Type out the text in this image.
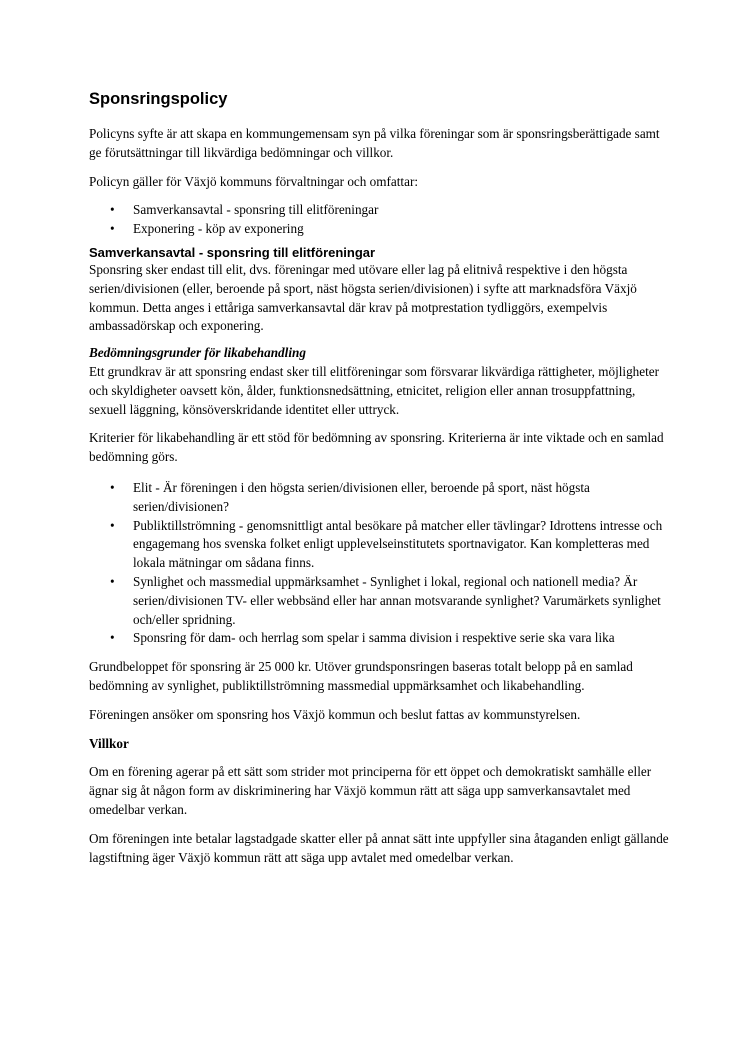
Sponsringspolicy

Policyns syfte är att skapa en kommungemensam syn på vilka föreningar som är sponsringsberättigade samt ge förutsättningar till likvärdiga bedömningar och villkor.

Policyn gäller för Växjö kommuns förvaltningar och omfattar:

• Samverkansavtal - sponsring till elitföreningar
• Exponering - köp av exponering
Samverkansavtal - sponsring till elitföreningar

Sponsring sker endast till elit, dvs. föreningar med utövare eller lag på elitnivå respektive i den högsta serien/divisionen (eller, beroende på sport, näst högsta serien/divisionen) i syfte att marknadsföra Växjö kommun. Detta anges i ettåriga samverkansavtal där krav på motprestation tydliggörs, exempelvis ambassadörskap och exponering.

Bedömningsgrunder för likabehandling

Ett grundkrav är att sponsring endast sker till elitföreningar som försvarar likvärdiga rättigheter, möjligheter och skyldigheter oavsett kön, ålder, funktionsnedsättning, etnicitet, religion eller annan trosuppfattning, sexuell läggning, könsöverskridande identitet eller uttryck.

Kriterier för likabehandling är ett stöd för bedömning av sponsring. Kriterierna är inte viktade och en samlad bedömning görs.

• Elit - Är föreningen i den högsta serien/divisionen eller, beroende på sport, näst högsta serien/divisionen?
• Publiktillströmning - genomsnittligt antal besökare på matcher eller tävlingar? Idrottens intresse och engagemang hos svenska folket enligt upplevelseinstitutets sportnavigator. Kan kompletteras med lokala mätningar om sådana finns.
• Synlighet och massmedial uppmärksamhet - Synlighet i lokal, regional och nationell media? Är serien/divisionen TV- eller webbsänd eller har annan motsvarande synlighet? Varumärkets synlighet och/eller spridning.
• Sponsring för dam- och herrlag som spelar i samma division i respektive serie ska vara lika

Grundbeloppet för sponsring är 25 000 kr. Utöver grundsponsringen baseras totalt belopp på en samlad bedömning av synlighet, publiktillströmning massmedial uppmärksamhet och likabehandling.

Föreningen ansöker om sponsring hos Växjö kommun och beslut fattas av kommunstyrelsen.

Villkor

Om en förening agerar på ett sätt som strider mot principerna för ett öppet och demokratiskt samhälle eller ägnar sig åt någon form av diskriminering har Växjö kommun rätt att säga upp samverkansavtalet med omedelbar verkan.

Om föreningen inte betalar lagstadgade skatter eller på annat sätt inte uppfyller sina åtaganden enligt gällande lagstiftning äger Växjö kommun rätt att säga upp avtalet med omedelbar verkan.
